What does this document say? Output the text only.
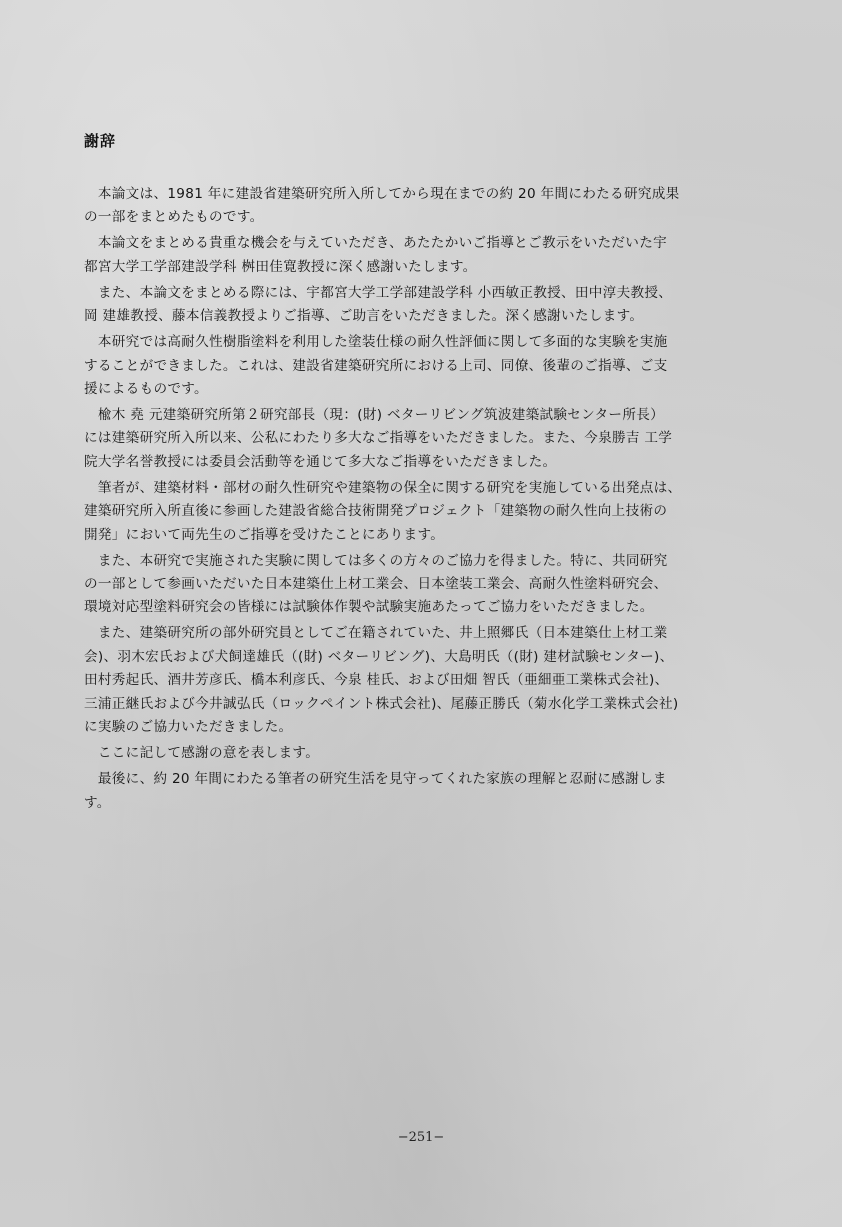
謝辞
　本論文は、1981 年に建設省建築研究所入所してから現在までの約 20 年間にわたる研究成果
の一部をまとめたものです。
　本論文をまとめる貴重な機会を与えていただき、あたたかいご指導とご教示をいただいた宇
都宮大学工学部建設学科 桝田佳寛教授に深く感謝いたします。
　また、本論文をまとめる際には、宇都宮大学工学部建設学科 小西敏正教授、田中淳夫教授、
岡 建雄教授、藤本信義教授よりご指導、ご助言をいただきました。深く感謝いたします。
　本研究では高耐久性樹脂塗料を利用した塗装仕様の耐久性評価に関して多面的な実験を実施
することができました。これは、建設省建築研究所における上司、同僚、後輩のご指導、ご支
援によるものです。
　楡木 堯 元建築研究所第２研究部長（現：(財) ベターリビング筑波建築試験センター所長）
には建築研究所入所以来、公私にわたり多大なご指導をいただきました。また、今泉勝吉 工学
院大学名誉教授には委員会活動等を通じて多大なご指導をいただきました。
　筆者が、建築材料・部材の耐久性研究や建築物の保全に関する研究を実施している出発点は、
建築研究所入所直後に参画した建設省総合技術開発プロジェクト「建築物の耐久性向上技術の
開発」において両先生のご指導を受けたことにあります。
　また、本研究で実施された実験に関しては多くの方々のご協力を得ました。特に、共同研究
の一部として参画いただいた日本建築仕上材工業会、日本塗装工業会、高耐久性塗料研究会、
環境対応型塗料研究会の皆様には試験体作製や試験実施あたってご協力をいただきました。
　また、建築研究所の部外研究員としてご在籍されていた、井上照郷氏（日本建築仕上材工業
会)、羽木宏氏および犬飼達雄氏（(財) ベターリビング)、大島明氏（(財) 建材試験センター)、
田村秀起氏、酒井芳彦氏、橋本利彦氏、今泉 桂氏、および田畑 智氏（亜細亜工業株式会社)、
三浦正継氏および今井誠弘氏（ロックペイント株式会社)、尾藤正勝氏（菊水化学工業株式会社)
に実験のご協力いただきました。
　ここに記して感謝の意を表します。
　最後に、約 20 年間にわたる筆者の研究生活を見守ってくれた家族の理解と忍耐に感謝しま
す。
−251−
